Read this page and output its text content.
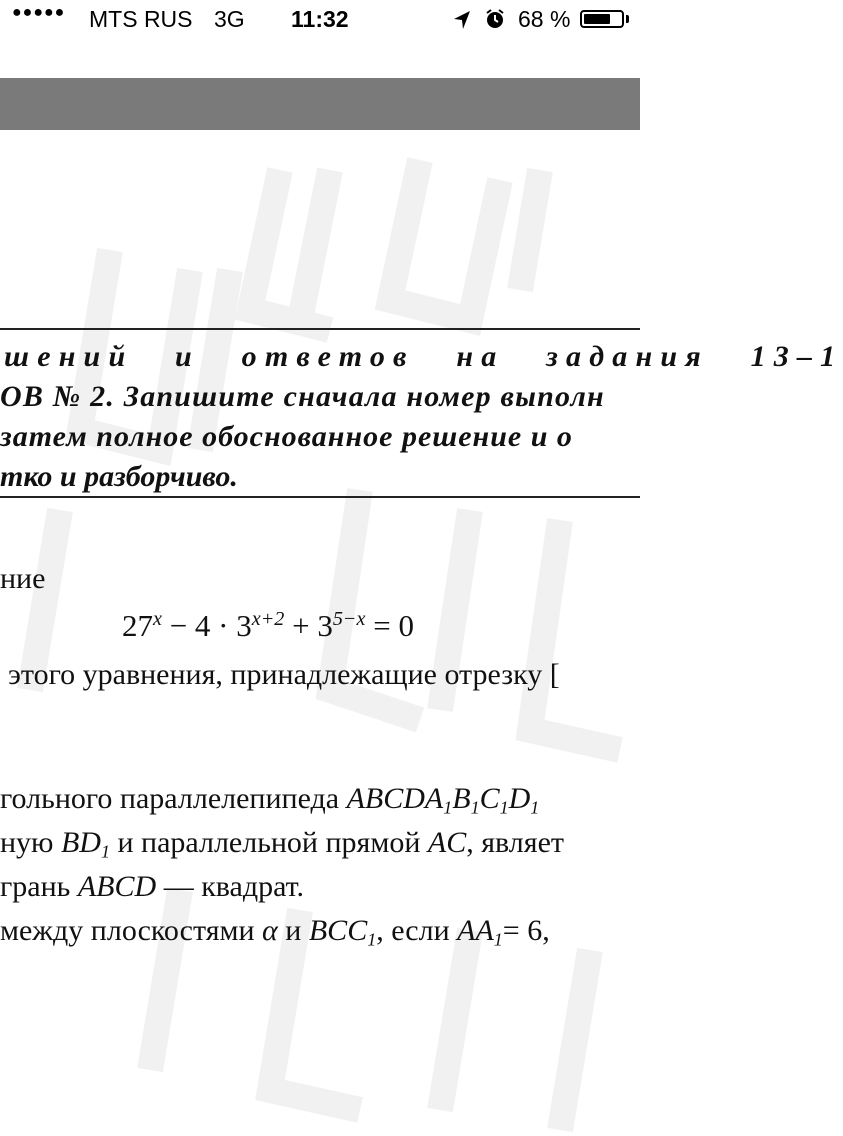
●●●●● MTS RUS 3G 11:32	68 %
шений и ответов на задания 13–1
ОВ № 2. Запишите сначала номер выполн
затем полное обоснованное решение и о
тко и разборчиво.
ние
$27^x - 4 \cdot 3^{x+2} + 3^{5-x} = 0$
этого уравнения, принадлежащие отрезку [
гольного параллелепипеда $ABCDA_1B_1C_1D_1$
ную $BD_1$ и параллельной прямой AC, являет
грань ABCD — квадрат.
между плоскостями α и $BCC_1$, если $AA_1= 6$,
